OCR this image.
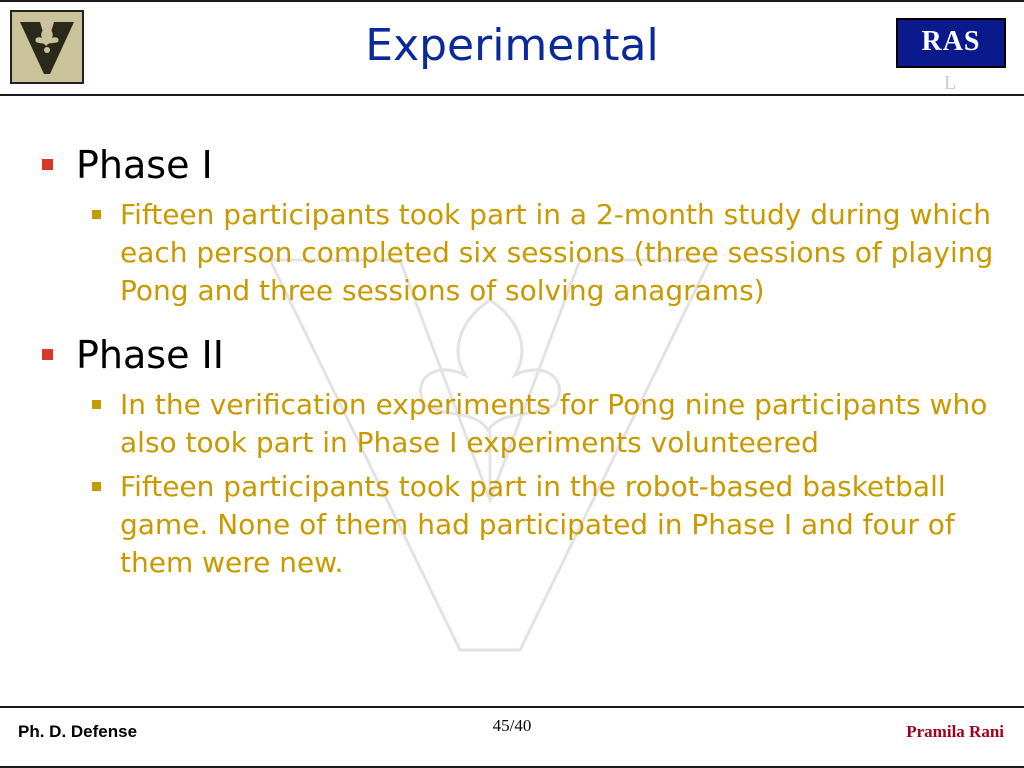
Experimental	RAS
L
Phase I
Fifteen participants took part in a 2-month study during which each person completed six sessions (three sessions of playing Pong and three sessions of solving anagrams)
Phase II
In the verification experiments for Pong nine participants who also took part in Phase I experiments volunteered
Fifteen participants took part in the robot-based basketball game. None of them had participated in Phase I and four of them were new.
Ph. D. Defense	45/40	Pramila Rani
